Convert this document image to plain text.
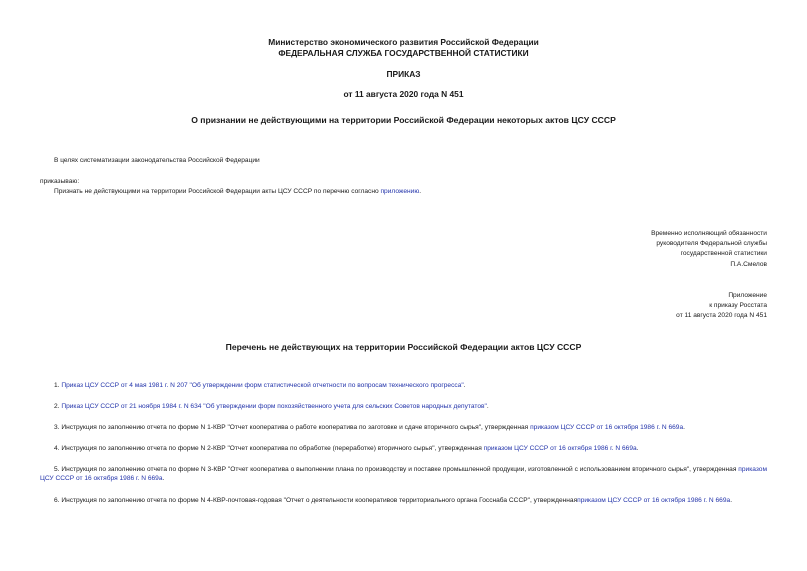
Министерство экономического развития Российской Федерации
ФЕДЕРАЛЬНАЯ СЛУЖБА ГОСУДАРСТВЕННОЙ СТАТИСТИКИ
ПРИКАЗ
от 11 августа 2020 года N 451
О признании не действующими на территории Российской Федерации некоторых актов ЦСУ СССР
В целях систематизации законодательства Российской Федерации
приказываю:
Признать не действующими на территории Российской Федерации акты ЦСУ СССР по перечню согласно приложению.
Временно исполняющий обязанности
руководителя Федеральной службы
государственной статистики
П.А.Смелов
Приложение
к приказу Росстата
от 11 августа 2020 года N 451
Перечень не действующих на территории Российской Федерации актов ЦСУ СССР
1. Приказ ЦСУ СССР от 4 мая 1981 г. N 207 "Об утверждении форм статистической отчетности по вопросам технического прогресса".
2. Приказ ЦСУ СССР от 21 ноября 1984 г. N 634 "Об утверждении форм похозяйственного учета для сельских Советов народных депутатов".
3. Инструкция по заполнению отчета по форме N 1-КВР "Отчет кооператива о работе кооператива по заготовке и сдаче вторичного сырья", утвержденная приказом ЦСУ СССР от 16 октября 1986 г. N 669а.
4. Инструкция по заполнению отчета по форме N 2-КВР "Отчет кооператива по обработке (переработке) вторичного сырья", утвержденная приказом ЦСУ СССР от 16 октября 1986 г. N 669а.
5. Инструкция по заполнению отчета по форме N 3-КВР "Отчет кооператива о выполнении плана по производству и поставке промышленной продукции, изготовленной с использованием вторичного сырья", утвержденная приказом ЦСУ СССР от 16 октября 1986 г. N 669а.
6. Инструкция по заполнению отчета по форме N 4-КВР-почтовая-годовая "Отчет о деятельности кооперативов территориального органа Госснаба СССР", утвержденнаяприказом ЦСУ СССР от 16 октября 1986 г. N 669а.
